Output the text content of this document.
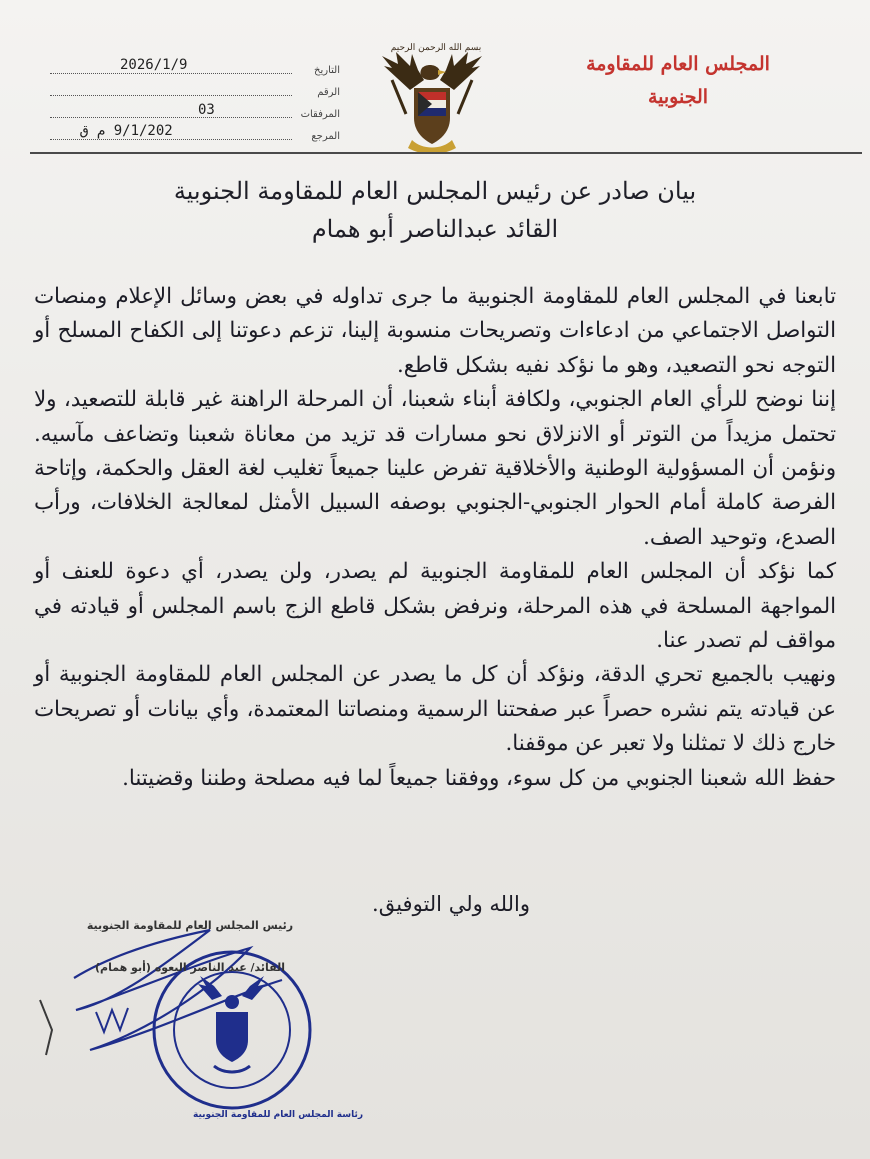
المجلس العام للمقاومة
الجنوبية
بسم الله الرحمن الرحيم
2026/1/9	التاريخ
الرقم
03	المرفقات
9/1/202 م ق	المرجع
بيان صادر عن رئيس المجلس العام للمقاومة الجنوبية
القائد عبدالناصر أبو همام

تابعنا في المجلس العام للمقاومة الجنوبية ما جرى تداوله في بعض وسائل الإعلام ومنصات التواصل الاجتماعي من ادعاءات وتصريحات منسوبة إلينا، تزعم دعوتنا إلى الكفاح المسلح أو التوجه نحو التصعيد، وهو ما نؤكد نفيه بشكل قاطع.

إننا نوضح للرأي العام الجنوبي، ولكافة أبناء شعبنا، أن المرحلة الراهنة غير قابلة للتصعيد، ولا تحتمل مزيداً من التوتر أو الانزلاق نحو مسارات قد تزيد من معاناة شعبنا وتضاعف مآسيه. ونؤمن أن المسؤولية الوطنية والأخلاقية تفرض علينا جميعاً تغليب لغة العقل والحكمة، وإتاحة الفرصة كاملة أمام الحوار الجنوبي-الجنوبي بوصفه السبيل الأمثل لمعالجة الخلافات، ورأب الصدع، وتوحيد الصف.

كما نؤكد أن المجلس العام للمقاومة الجنوبية لم يصدر، ولن يصدر، أي دعوة للعنف أو المواجهة المسلحة في هذه المرحلة، ونرفض بشكل قاطع الزج باسم المجلس أو قيادته في مواقف لم تصدر عنا.

ونهيب بالجميع تحري الدقة، ونؤكد أن كل ما يصدر عن المجلس العام للمقاومة الجنوبية أو عن قيادته يتم نشره حصراً عبر صفحتنا الرسمية ومنصاتنا المعتمدة، وأي بيانات أو تصريحات خارج ذلك لا تمثلنا ولا تعبر عن موقفنا.

حفظ الله شعبنا الجنوبي من كل سوء، ووفقنا جميعاً لما فيه مصلحة وطننا وقضيتنا.

والله ولي التوفيق.
رئيس المجلس العام للمقاومة الجنوبية
القائد/ عبد الناصر البعوه (أبو همام)
رئاسة المجلس العام للمقاومة الجنوبية
